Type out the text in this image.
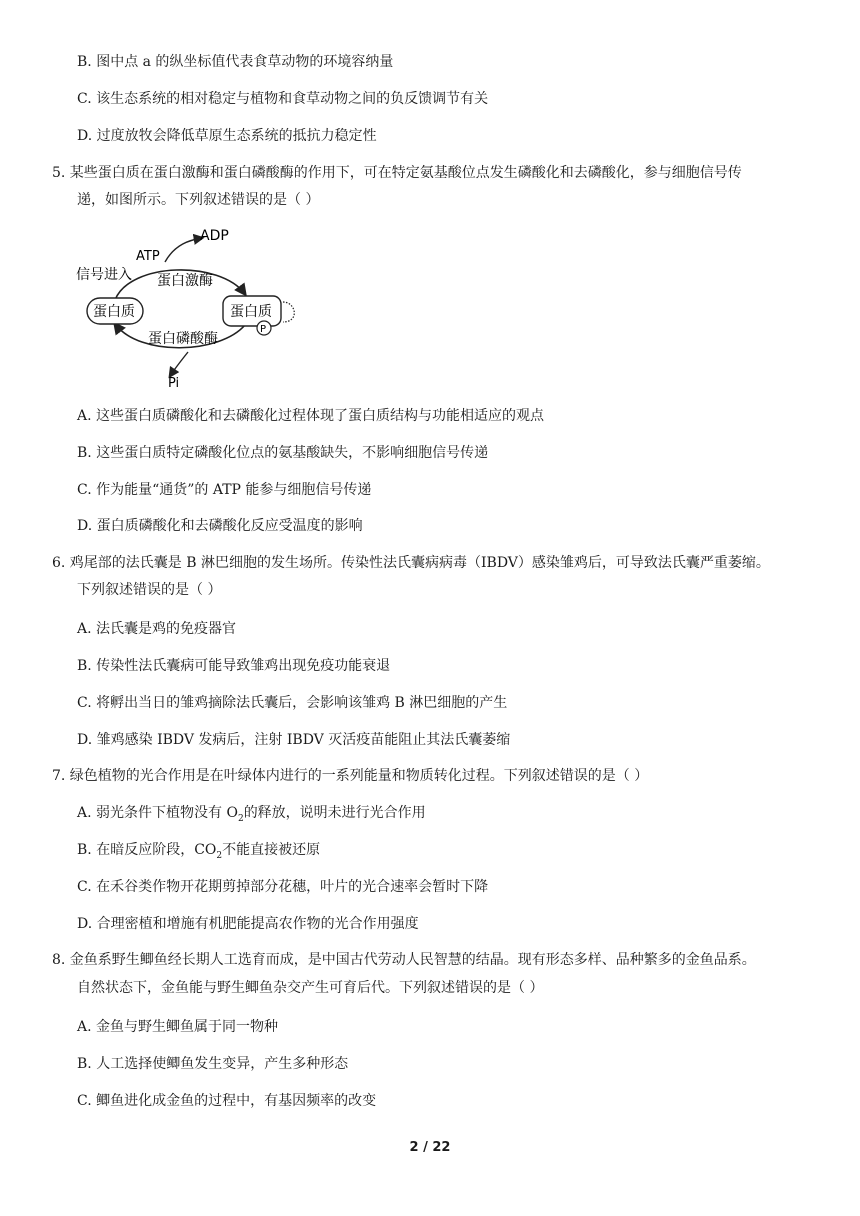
B. 图中点 a 的纵坐标值代表食草动物的环境容纳量
C. 该生态系统的相对稳定与植物和食草动物之间的负反馈调节有关
D. 过度放牧会降低草原生态系统的抵抗力稳定性
5. 某些蛋白质在蛋白激酶和蛋白磷酸酶的作用下，可在特定氨基酸位点发生磷酸化和去磷酸化，参与细胞信号传
递，如图所示。下列叙述错误的是（ ）
ADP
ATP
信号进入 蛋白激酶
蛋白质	蛋白质
P
蛋白磷酸酶
Pi
A. 这些蛋白质磷酸化和去磷酸化过程体现了蛋白质结构与功能相适应的观点
B. 这些蛋白质特定磷酸化位点的氨基酸缺失，不影响细胞信号传递
C. 作为能量“通货”的 ATP 能参与细胞信号传递
D. 蛋白质磷酸化和去磷酸化反应受温度的影响
6. 鸡尾部的法氏囊是 B 淋巴细胞的发生场所。传染性法氏囊病病毒（IBDV）感染雏鸡后，可导致法氏囊严重萎缩。
下列叙述错误的是（ ）
A. 法氏囊是鸡的免疫器官
B. 传染性法氏囊病可能导致雏鸡出现免疫功能衰退
C. 将孵出当日的雏鸡摘除法氏囊后，会影响该雏鸡 B 淋巴细胞的产生
D. 雏鸡感染 IBDV 发病后，注射 IBDV 灭活疫苗能阻止其法氏囊萎缩
7. 绿色植物的光合作用是在叶绿体内进行的一系列能量和物质转化过程。下列叙述错误的是（ ）
A. 弱光条件下植物没有 $O_2$的释放，说明未进行光合作用
B. 在暗反应阶段，$CO_2$不能直接被还原
C. 在禾谷类作物开花期剪掉部分花穗，叶片的光合速率会暂时下降
D. 合理密植和增施有机肥能提高农作物的光合作用强度
8. 金鱼系野生鲫鱼经长期人工选育而成，是中国古代劳动人民智慧的结晶。现有形态多样、品种繁多的金鱼品系。
自然状态下，金鱼能与野生鲫鱼杂交产生可育后代。下列叙述错误的是（ ）
A. 金鱼与野生鲫鱼属于同一物种
B. 人工选择使鲫鱼发生变异，产生多种形态
C. 鲫鱼进化成金鱼的过程中，有基因频率的改变
2 / 22
